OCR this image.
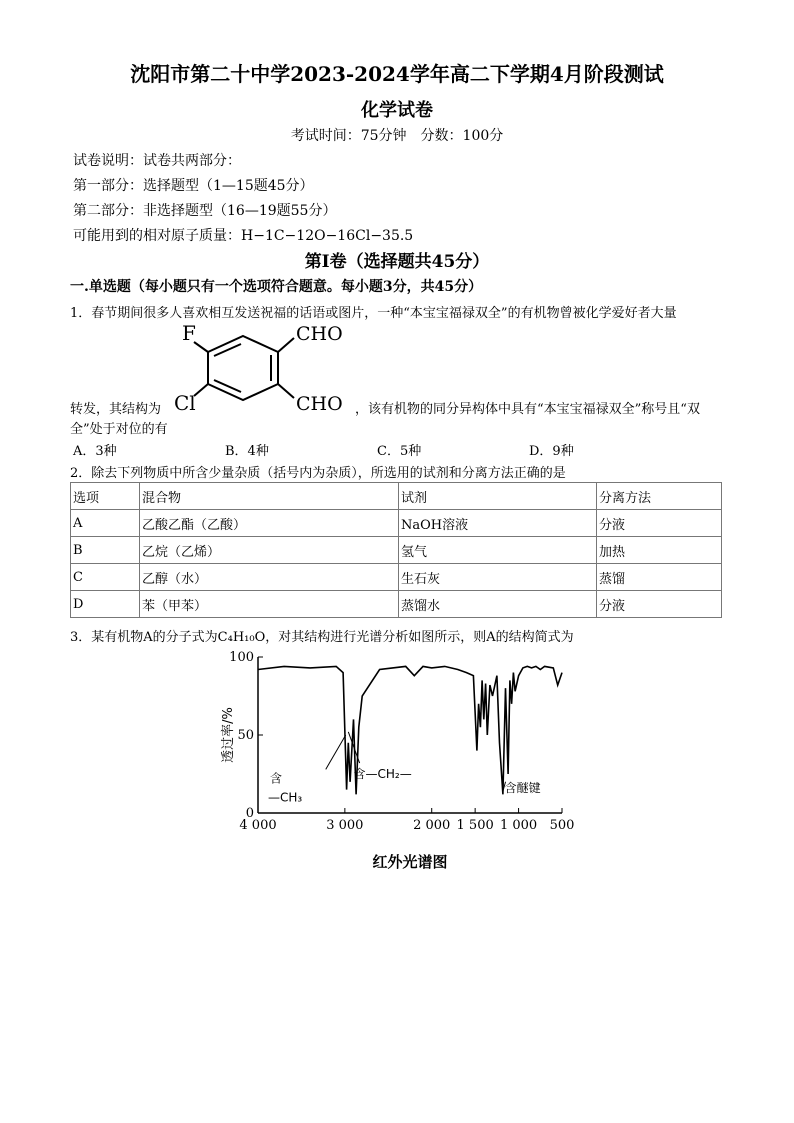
沈阳市第二十中学2023-2024学年高二下学期4月阶段测试
化学试卷
考试时间：75分钟　分数：100分
试卷说明：试卷共两部分：
第一部分：选择题型（1—15题45分）
第二部分：非选择题型（16—19题55分）
可能用到的相对原子质量：H−1C−12O−16Cl−35.5
第Ⅰ卷（选择题共45分）
一.单选题（每小题只有一个选项符合题意。每小题3分，共45分）
1．春节期间很多人喜欢相互发送祝福的话语或图片，一种“本宝宝福禄双全”的有机物曾被化学爱好者大量
F
Cl
CHO
CHO
转发，其结构为	，该有机物的同分异构体中具有“本宝宝福禄双全”称号且“双
全”处于对位的有
A．3种	B．4种	C．5种	D．9种
2．除去下列物质中所含少量杂质（括号内为杂质），所选用的试剂和分离方法正确的是
选项	混合物	试剂	分离方法
A	乙酸乙酯（乙酸）	NaOH溶液	分液
B	乙烷（乙烯）	氢气	加热
C	乙醇（水）	生石灰	蒸馏
D	苯（甲苯）	蒸馏水	分液
3．某有机物A的分子式为C₄H₁₀O，对其结构进行光谱分析如图所示，则A的结构简式为
100
50
0
4 000	3 000	2 000 1 500 1 000 500
透过率/%
红外光谱图
含
—CH₃
含—CH₂—
含醚键
